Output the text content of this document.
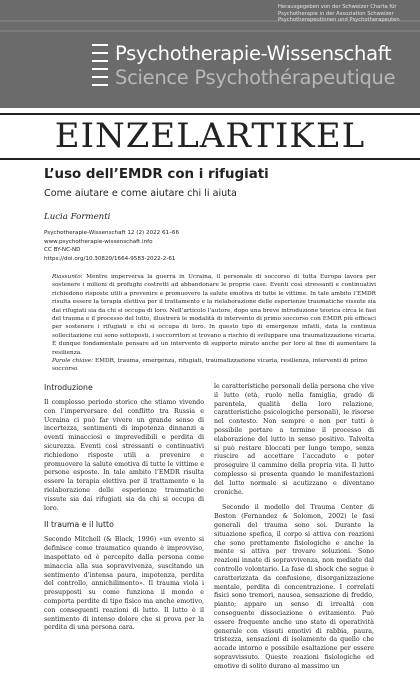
Herausgegeben von der Schweizer Charta für
Psychotherapie in der Assoziation Schweizer
Psychotherapeutinnen und Psychotherapeuten
Psychotherapie-Wissenschaft
Science Psychothérapeutique
EINZELARTIKEL
L’uso dell’EMDR con i rifugiati
Come aiutare e come aiutare chi li aiuta
Lucia Formenti
Psychotherapie-Wissenschaft 12 (2) 2022 61–66
www.psychotherapie-wissenschaft.info
CC BY-NC-ND
https://doi.org/10.30820/1664-9583-2022-2-61
Riassunto: Mentre imperversa la guerra in Ucraina, il personale di soccorso di tutta Europa lavora per sostenere i milioni di profughi costretti ad abbandonare le proprie case. Eventi così stressanti e continuativi richiedono risposte utili a prevenire e promuovere la salute emotiva di tutte le vittime. In tale ambito l’EMDR risulta essere la terapia elettiva per il trattamento e la rielaborazione delle esperienze traumatiche vissute sia dai rifugiati sia da chi si occupa di loro. Nell’articolo l’autore, dopo una breve introduzione teorica circa le fasi del trauma e il processo del lutto, illustrerà le modalità di intervento di primo soccorso con EMDR più efficaci per sostenere i rifugiati e chi si occupa di loro. In questo tipo di emergenze infatti, data la continua sollecitazione cui sono sottoposti, i soccorritori si trovano a rischio di sviluppare una traumatizzazione vicaria. È dunque fondamentale pensare ad un intervento di supporto mirato anche per loro al fine di aumentare la resilienza.
Parole chiave: EMDR, trauma, emergenza, rifugiati, traumatizzazione vicaria, resilienza, interventi di primo soccorso
Introduzione

Il complesso periodo storico che stiamo vivendo con l’imperversare del conflitto tra Russia e Ucraina ci può far vivere un grande senso di incertezza, sentimenti di impotenza dinnanzi a eventi minacciosi e imprevedibili e perdita di sicurezza. Eventi così stressanti e continuativi richiedono risposte utili a prevenire e promuovere la salute emotiva di tutte le vittime e persone esposte. In tale ambito l’EMDR risulta essere la terapia elettiva per il trattamento e la rielaborazione delle esperienze traumatiche vissute sia dai rifugiati sia da chi si occupa di loro.

Il trauma e il lutto

Secondo Mitchell (& Black, 1996) «un evento si definisce come traumatico quando è improvviso, inaspettato ed è percepito dalla persona come minaccia alla sua sopravvivenza, suscitando un sentimento d’intensa paura, impotenza, perdita del controllo, annichilimento». Il trauma viola i presupposti su come funziona il mondo e comporta perdite di tipo fisico ma anche emotivo, con conseguenti reazioni di lutto. Il lutto è il sentimento di intenso dolore che si prova per la perdita di una persona cara.

le caratteristiche personali della persona che vive il lutto (età, ruolo nella famiglia, grado di parentela, qualità della loro relazione, caratteristiche psicologiche personali), le risorse nel contesto. Non sempre e non per tutti è possibile portare a termine il processo di elaborazione del lutto in senso positivo. Talvolta si può restare bloccati per lungo tempo, senza riuscire ad accettare l’accaduto e poter proseguire il cammino della propria vita. Il lutto complesso si presenta quando le manifestazioni del lutto normale si acutizzano e diventano croniche.

Secondo il modello del Trauma Center di Boston (Fernandez & Solomon, 2002) le fasi generali del trauma sono sei. Durante la situazione spefica, il corpo si attiva con reazioni che sono prettamente fisiologiche e anche la mente si attiva per trovare soluzioni. Sono reazioni innate di sopravvivenza, non mediate dal controllo volontario. La fase di shock che segue è caratterizzata da confusione, disorganizzazione mentale, perdita di concentrazione. I correlati fisici sono tremori, nausea, sensazione di freddo, pianto; appare un senso di irrealtà con conseguente dissociazione o evitamento. Può essere frequente anche uno stato di operatività generale con vissuti emotivi di rabbia, paura, tristezza, sensazioni di isolamento da quello che accade intorno e possibile esaltazione per essere sopravvissuto. Queste reazioni fisiologiche ed emotive di solito durano al massimo un
